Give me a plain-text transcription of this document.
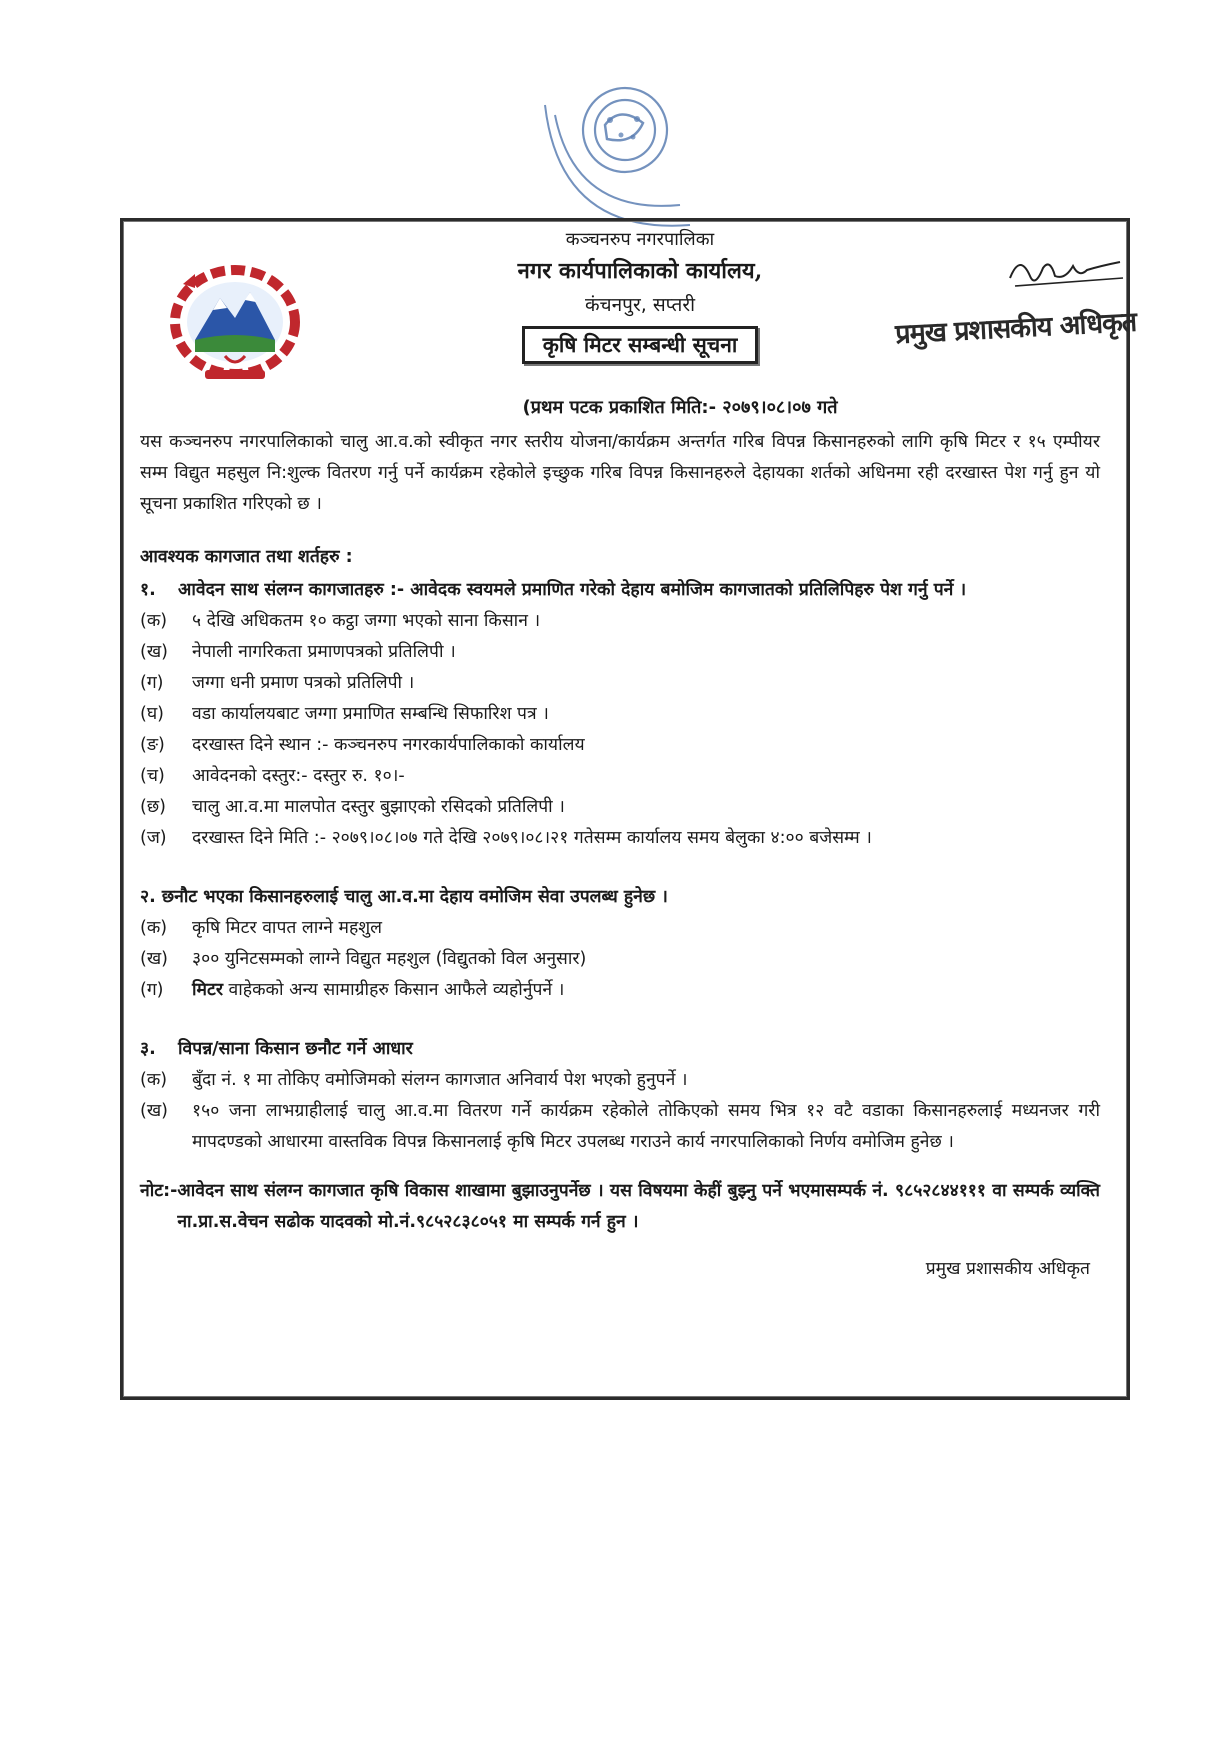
कञ्चनरुप नगरपालिका
नगर कार्यपालिकाको कार्यालय,
कंचनपुर, सप्तरी
कृषि मिटर सम्बन्धी सूचना	प्रमुख प्रशासकीय अधिकृत
(प्रथम पटक प्रकाशित मिति:- २०७९।०८।०७ गते
यस कञ्चनरुप नगरपालिकाको चालु आ.व.को स्वीकृत नगर स्तरीय योजना/कार्यक्रम अन्तर्गत गरिब विपन्न किसानहरुको लागि कृषि मिटर र १५ एम्पीयर सम्म विद्युत महसुल नि:शुल्क वितरण गर्नु पर्ने कार्यक्रम रहेकोले इच्छुक गरिब विपन्न किसानहरुले देहायका शर्तको अधिनमा रही दरखास्त पेश गर्नु हुन यो सूचना प्रकाशित गरिएको छ ।
आवश्यक कागजात तथा शर्तहरु :
१.	आवेदन साथ संलग्न कागजातहरु :- आवेदक स्वयमले प्रमाणित गरेको देहाय बमोजिम कागजातको प्रतिलिपिहरु पेश गर्नु पर्ने ।
(क)	५ देखि अधिकतम १० कट्ठा जग्गा भएको साना किसान ।
(ख)	नेपाली नागरिकता प्रमाणपत्रको प्रतिलिपी ।
(ग)	जग्गा धनी प्रमाण पत्रको प्रतिलिपी ।
(घ)	वडा कार्यालयबाट जग्गा प्रमाणित सम्बन्धि सिफारिश पत्र ।
(ङ)	दरखास्त दिने स्थान :- कञ्चनरुप नगरकार्यपालिकाको कार्यालय
(च)	आवेदनको दस्तुर:- दस्तुर रु. १०।-
(छ)	चालु आ.व.मा मालपोत दस्तुर बुझाएको रसिदको प्रतिलिपी ।
(ज)	दरखास्त दिने मिति :- २०७९।०८।०७ गते देखि २०७९।०८।२१ गतेसम्म कार्यालय समय बेलुका ४:०० बजेसम्म ।
२. छनौट भएका किसानहरुलाई चालु आ.व.मा देहाय वमोजिम सेवा उपलब्ध हुनेछ ।
(क)	कृषि मिटर वापत लाग्ने महशुल
(ख)	३०० युनिटसम्मको लाग्ने विद्युत महशुल (विद्युतको विल अनुसार)
(ग)	मिटर वाहेकको अन्य सामाग्रीहरु किसान आफैले व्यहोर्नुपर्ने ।
३.	विपन्न/साना किसान छनौट गर्ने आधार
(क)	बुँदा नं. १ मा तोकिए वमोजिमको संलग्न कागजात अनिवार्य पेश भएको हुनुपर्ने ।
(ख)	१५० जना लाभग्राहीलाई चालु आ.व.मा वितरण गर्ने कार्यक्रम रहेकोले तोकिएको समय भित्र १२ वटै वडाका किसानहरुलाई मध्यनजर गरी मापदण्डको आधारमा वास्तविक विपन्न किसानलाई कृषि मिटर उपलब्ध गराउने कार्य नगरपालिकाको निर्णय वमोजिम हुनेछ ।
नोट:- आवेदन साथ संलग्न कागजात कृषि विकास शाखामा बुझाउनुपर्नेछ । यस विषयमा केहीं बुझ्नु पर्ने भएमासम्पर्क नं. ९८५२८४४१११ वा सम्पर्क व्यक्ति ना.प्रा.स.वेचन सढोक यादवको मो.नं.९८५२८३८०५१ मा सम्पर्क गर्न हुन ।
प्रमुख प्रशासकीय अधिकृत
